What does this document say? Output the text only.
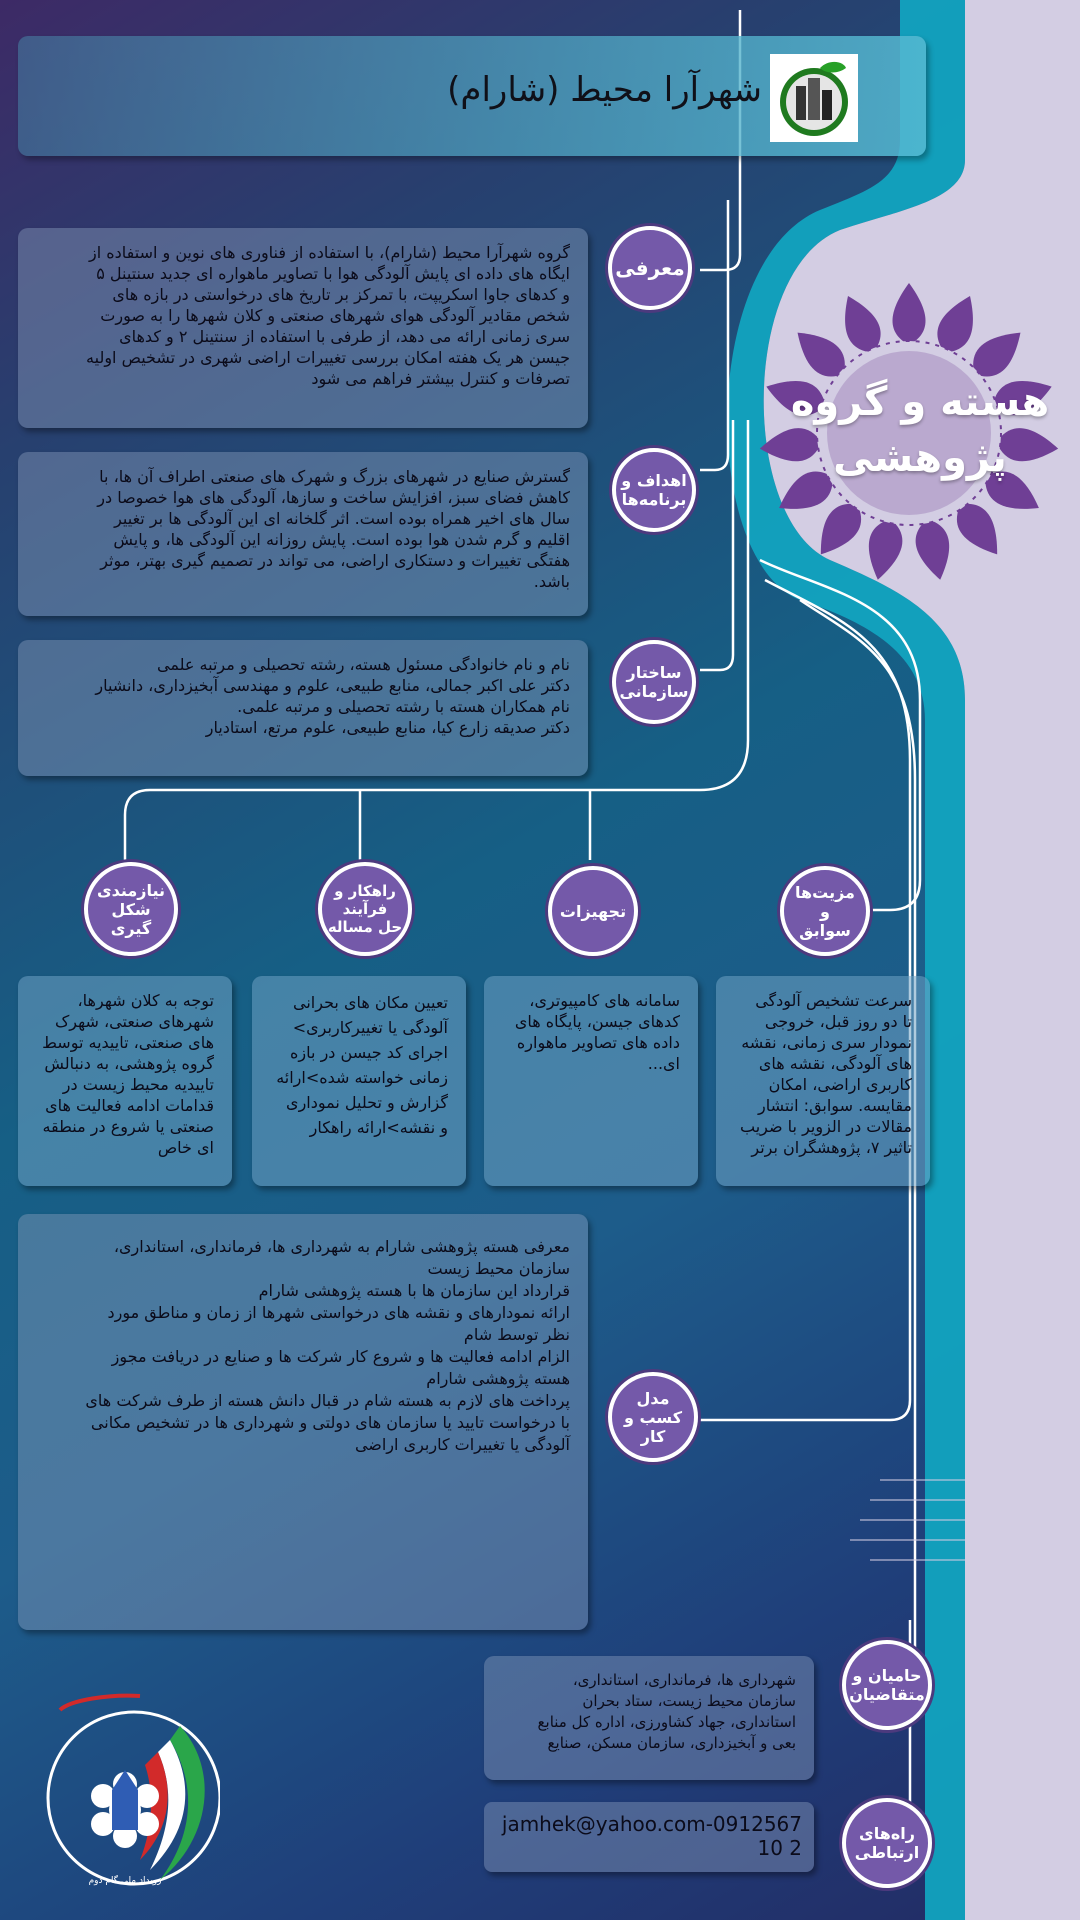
شهرآرا محیط (شارام)
هسته و گروه پژوهشی
گروه شهرآرا محیط (شارام)، با استفاده از فناوری های نوین و استفاده از
ایگاه های داده ای پایش آلودگی هوا با تصاویر ماهواره ای جدید سنتینل ۵
و کدهای جاوا اسکریپت، با تمرکز بر تاریخ های درخواستی در بازه های
شخص مقادیر آلودگی هوای شهرهای صنعتی و کلان شهرها را به صورت
سری زمانی ارائه می دهد، از طرفی با استفاده از سنتینل ۲ و کدهای
جیسن هر یک هفته امکان بررسی تغییرات اراضی شهری در تشخیص اولیه
تصرفات و کنترل بیشتر فراهم می شود
معرفی
گسترش صنایع در شهرهای بزرگ و شهرک های صنعتی اطراف آن ها، با
کاهش فضای سبز، افزایش ساخت و سازها، آلودگی های هوا خصوصا در
سال های اخیر همراه بوده است. اثر گلخانه ای این آلودگی ها بر تغییر
اقلیم و گرم شدن هوا بوده است. پایش روزانه این آلودگی ها، و پایش
هفتگی تغییرات و دستکاری اراضی، می تواند در تصمیم گیری بهتر، موثر
باشد.
اهداف و
برنامه‌ها
نام و نام خانوادگی مسئول هسته، رشته تحصیلی و مرتبه علمی
دکتر علی اکبر جمالی، منابع طبیعی، علوم و مهندسی آبخیزداری، دانشیار
نام همکاران هسته با رشته تحصیلی و مرتبه علمی.
دکتر صدیقه زارع کیا، منابع طبیعی، علوم مرتع، استادیار
ساختار
سازمانی
مزیت‌ها و
سوابق
تجهیزات
راهکار و
فرآیند
حل مساله
نیازمندی
شکل گیری
سرعت تشخیص آلودگی
تا دو روز قبل، خروجی
نمودار سری زمانی، نقشه
های آلودگی، نقشه های
کاربری اراضی، امکان
مقایسه. سوابق: انتشار
مقالات در الزویر با ضریب
تاثیر ۷، پژوهشگران برتر
سامانه های کامپیوتری،
کدهای جیسن، پایگاه های
داده های تصاویر ماهواره
ای...
تعیین مکان های بحرانی
آلودگی یا تغییرکاربری>
اجرای کد جیسن در بازه
زمانی خواسته شده>ارائه
گزارش و تحلیل نموداری
و نقشه>ارائه راهکار
توجه به کلان شهرها،
شهرهای صنعتی، شهرک
های صنعتی، تاییدیه توسط
گروه پژوهشی، به دنبالش
تاییدیه محیط زیست در
قدامات ادامه فعالیت های
صنعتی یا شروع در منطقه
ای خاص
معرفی هسته پژوهشی شارام به شهرداری ها، فرمانداری، استانداری،
سازمان محیط زیست
قرارداد این سازمان ها با هسته پژوهشی شارام
ارائه نمودارهای و نقشه های درخواستی شهرها از زمان و مناطق مورد
نظر توسط شام
الزام ادامه فعالیت ها و شروع کار شرکت ها و صنایع در دریافت مجوز
هسته پژوهشی شارام
پرداخت های لازم به هسته شام در قبال دانش هسته از طرف شرکت های
با درخواست تایید یا سازمان های دولتی و شهرداری ها در تشخیص مکانی
آلودگی یا تغییرات کاربری اراضی
مدل
کسب و کار
شهرداری ها، فرمانداری، استانداری،
سازمان محیط زیست، ستاد بحران
استانداری، جهاد کشاورزی، اداره کل منابع
بعی و آبخیزداری، سازمان مسکن، صنایع
حامیان و
متقاضیان
jamhek@yahoo.com-091256710 2
راه‌های
ارتباطی
رویداد ملی گام دوم
